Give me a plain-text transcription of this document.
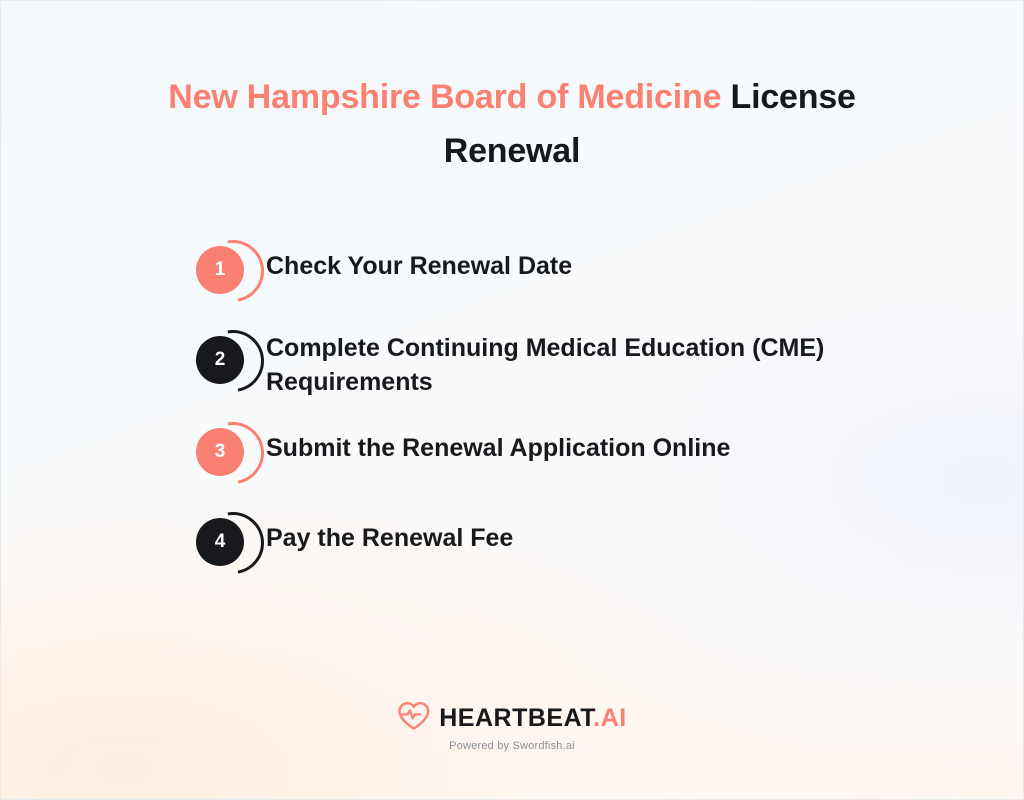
New Hampshire Board of Medicine License Renewal
1	Check Your Renewal Date
2	Complete Continuing Medical Education (CME) Requirements
3	Submit the Renewal Application Online
4	Pay the Renewal Fee
HEARTBEAT.AI
Powered by Swordfish.ai
